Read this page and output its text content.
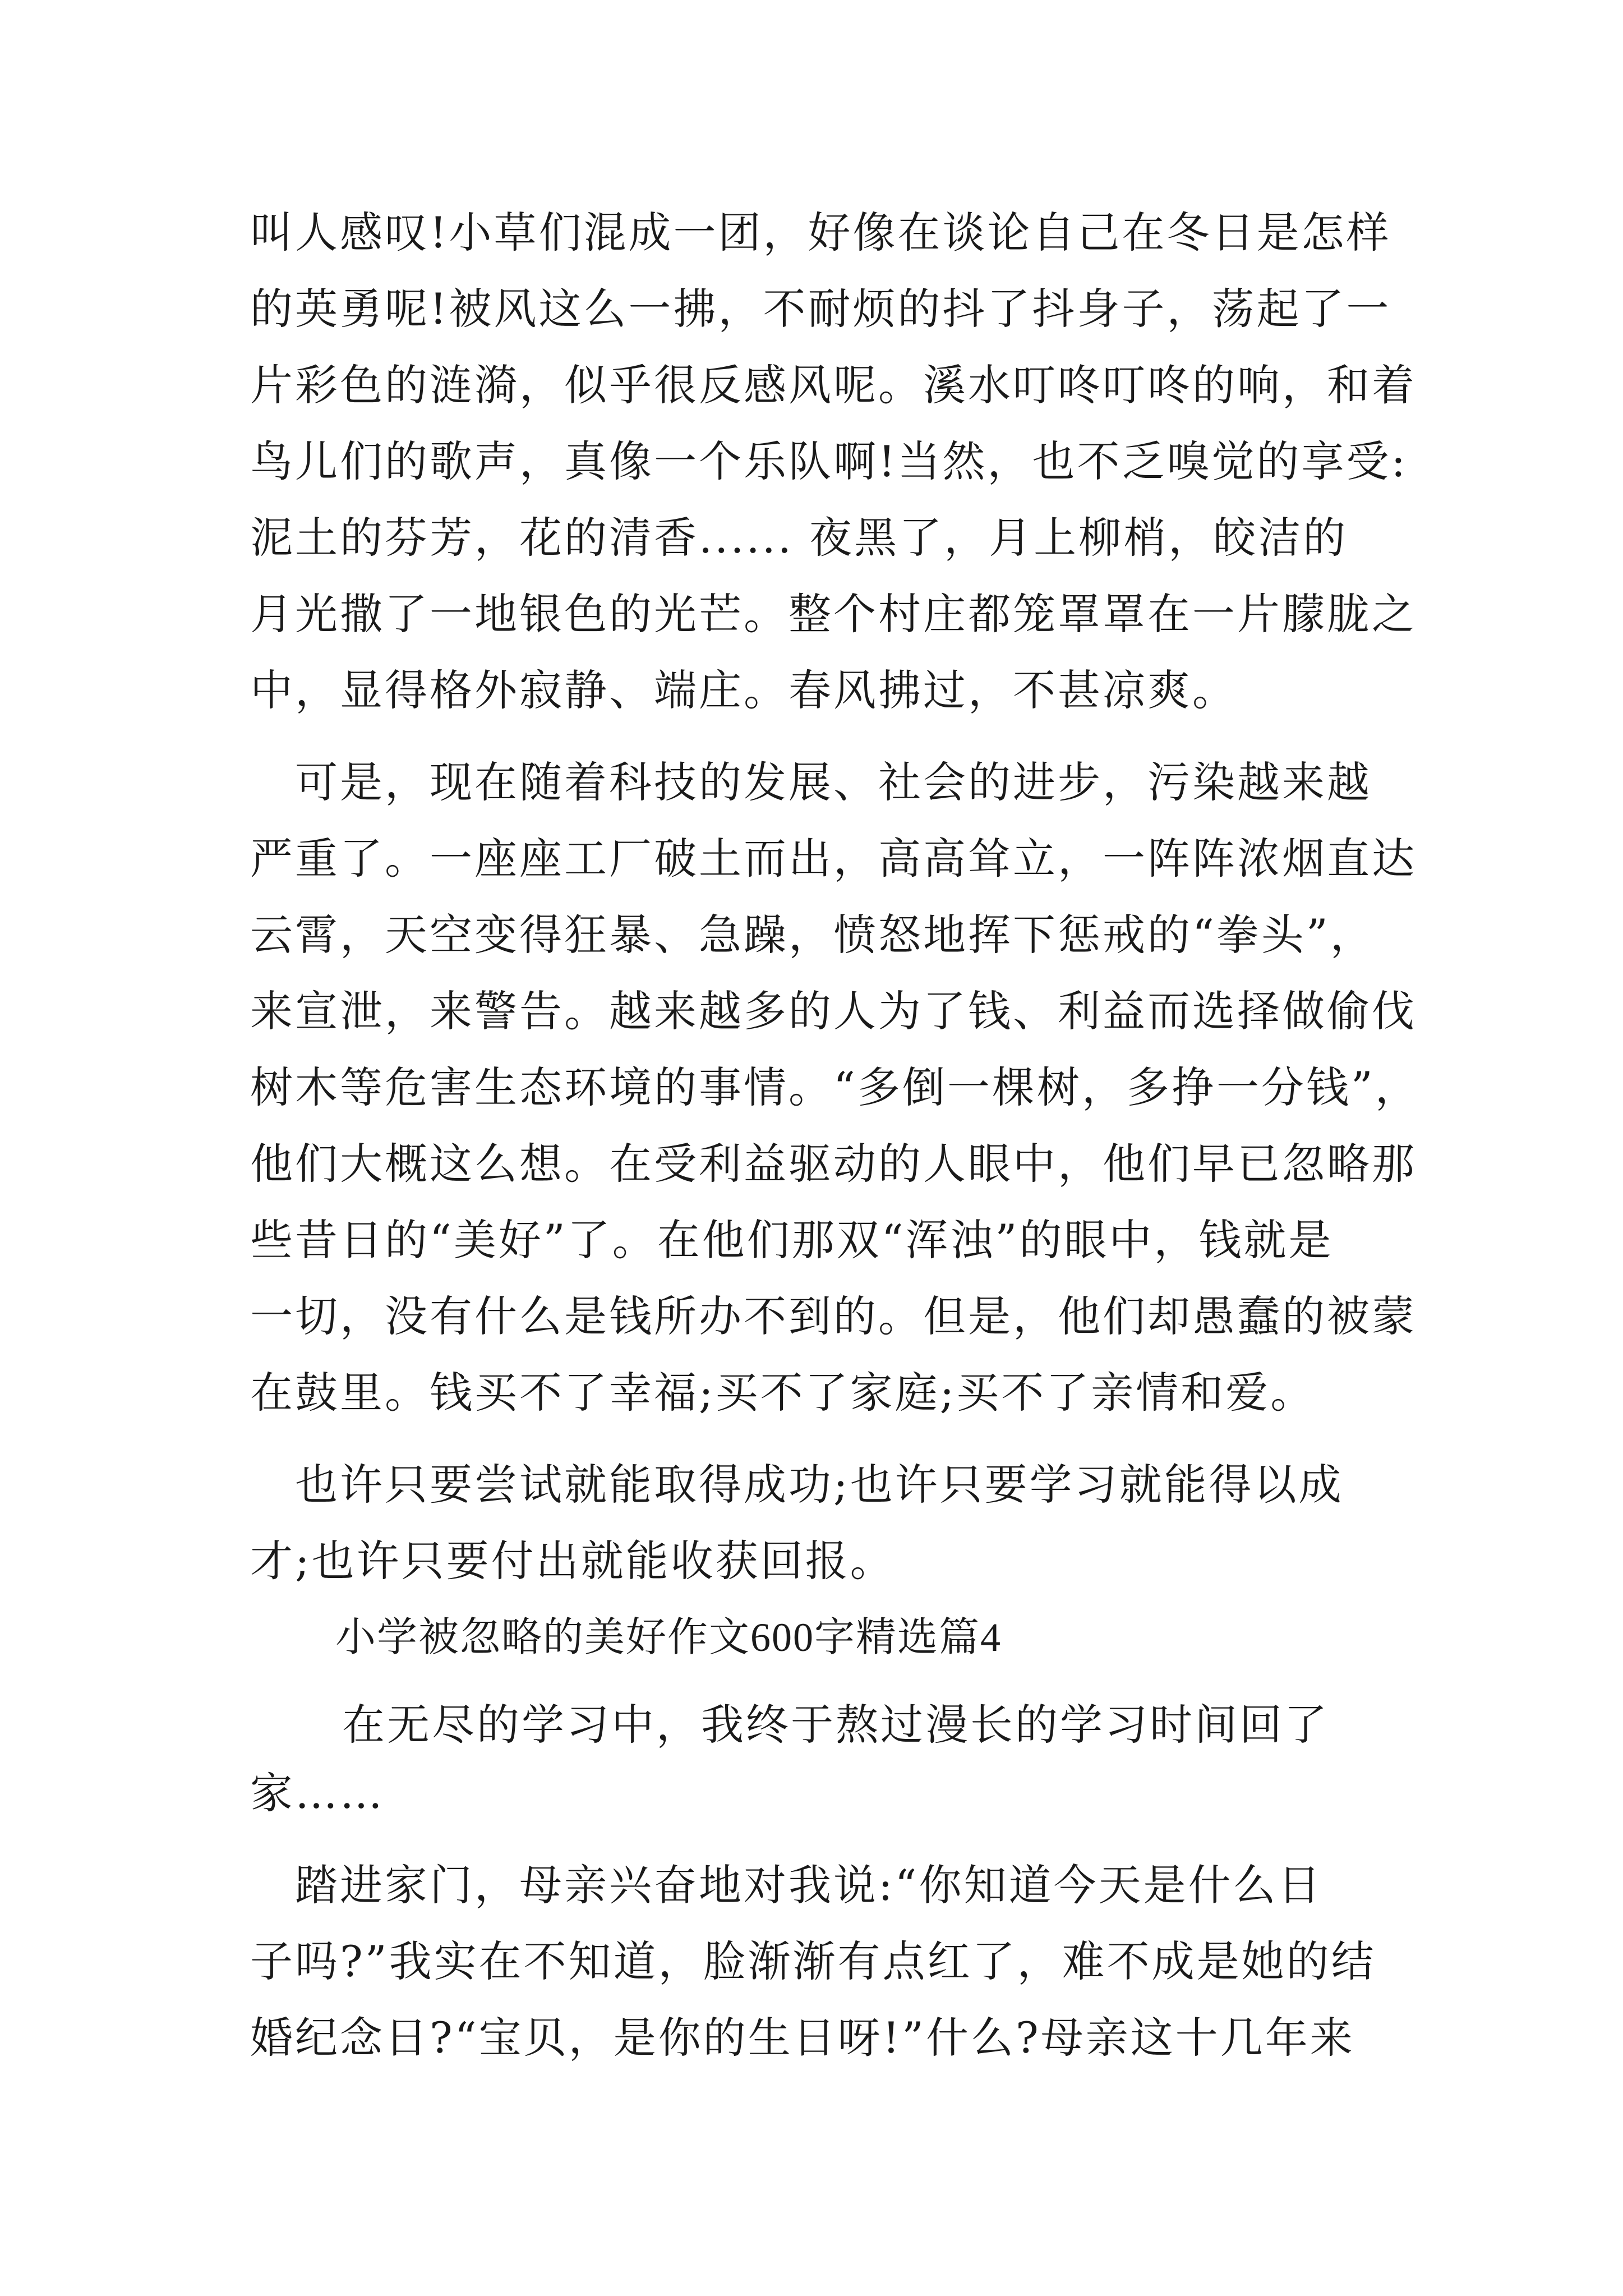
叫人感叹!小草们混成一团，好像在谈论自己在冬日是怎样
的英勇呢!被风这么一拂，不耐烦的抖了抖身子，荡起了一
片彩色的涟漪，似乎很反感风呢。溪水叮咚叮咚的响，和着
鸟儿们的歌声，真像一个乐队啊!当然，也不乏嗅觉的享受:
泥土的芬芳，花的清香...... 夜黑了，月上柳梢，皎洁的
月光撒了一地银色的光芒。整个村庄都笼罩罩在一片朦胧之
中，显得格外寂静、端庄。春风拂过，不甚凉爽。
　可是，现在随着科技的发展、社会的进步，污染越来越
严重了。一座座工厂破土而出，高高耸立，一阵阵浓烟直达
云霄，天空变得狂暴、急躁，愤怒地挥下惩戒的“拳头”，
来宣泄，来警告。越来越多的人为了钱、利益而选择做偷伐
树木等危害生态环境的事情。“多倒一棵树，多挣一分钱”，
他们大概这么想。在受利益驱动的人眼中，他们早已忽略那
些昔日的“美好”了。在他们那双“浑浊”的眼中，钱就是
一切，没有什么是钱所办不到的。但是，他们却愚蠢的被蒙
在鼓里。钱买不了幸福;买不了家庭;买不了亲情和爱。
　也许只要尝试就能取得成功;也许只要学习就能得以成
才;也许只要付出就能收获回报。
小学被忽略的美好作文600字精选篇4
在无尽的学习中，我终于熬过漫长的学习时间回了
家……
　踏进家门，母亲兴奋地对我说:“你知道今天是什么日
子吗?”我实在不知道，脸渐渐有点红了，难不成是她的结
婚纪念日?“宝贝，是你的生日呀!”什么?母亲这十几年来
